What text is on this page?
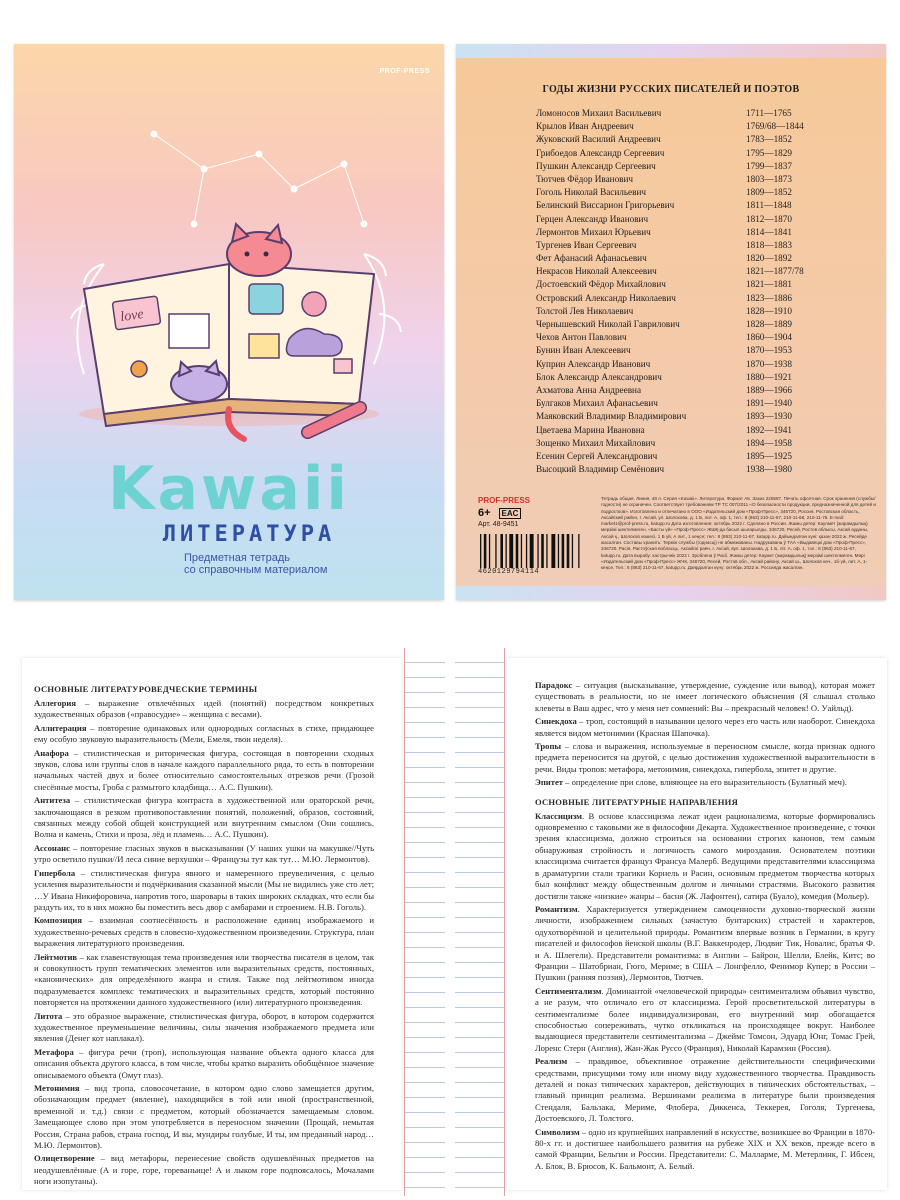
PROF-PRESS
love
Kawaii
ЛИТЕРАТУРА
Предметная тетрадь
со справочным материалом
ГОДЫ ЖИЗНИ РУССКИХ ПИСАТЕЛЕЙ И ПОЭТОВ
Ломоносов Михаил Васильевич	1711—1765
Крылов Иван Андреевич	1769/68—1844
Жуковский Василий Андреевич	1783—1852
Грибоедов Александр Сергеевич	1795—1829
Пушкин Александр Сергеевич	1799—1837
Тютчев Фёдор Иванович	1803—1873
Гоголь Николай Васильевич	1809—1852
Белинский Виссарион Григорьевич	1811—1848
Герцен Александр Иванович	1812—1870
Лермонтов Михаил Юрьевич	1814—1841
Тургенев Иван Сергеевич	1818—1883
Фет Афанасий Афанасьевич	1820—1892
Некрасов Николай Алексеевич	1821—1877/78
Достоевский Фёдор Михайлович	1821—1881
Островский Александр Николаевич	1823—1886
Толстой Лев Николаевич	1828—1910
Чернышевский Николай Гаврилович	1828—1889
Чехов Антон Павлович	1860—1904
Бунин Иван Алексеевич	1870—1953
Куприн Александр Иванович	1870—1938
Блок Александр Александрович	1880—1921
Ахматова Анна Андреевна	1889—1966
Булгаков Михаил Афанасьевич	1891—1940
Маяковский Владимир Владимирович	1893—1930
Цветаева Марина Ивановна	1892—1941
Зощенко Михаил Михайлович	1894—1958
Есенин Сергей Александрович	1895—1925
Высоцкий Владимир Семёнович	1938—1980
PROF-PRESS
6+	EAC
Арт. 48-9451
Тетрадь общая. Линия, 48 л. Серия «Kawaii». Литература. Формат А5. Заказ 225587. Печать офсетная. Срок хранения (службы/годности) не ограничен. Соответствует требованиям ТР ТС 007/2011 «О безопасности продукции, предназначенной для детей и подростков». Изготовлено и отпечатано в ООО «Издательский дом «Проф-Пресс», 346720, Россия, Ростовская область, Аксайский район, г. Аксай, ул. Шолохова, д. 1 Б, лит. А, оф. 1, тел.: 8 (863) 210-11-67, 210-11-68, 210-11-76. E-mail: market1@prof-press.ru, katupp.ru Дата изготовления: октябрь 2022 г. Сделано в России. Жамы детер: Каулмет (жарамдылық) мерзімі шектелмеген. «Басты үй» «Проф-Пресс» ЖШҚ-да басып шығарылды, 346720, Ресей, Ростов облысы, Аксай ауданы, Аксай қ., Шолохов көшесі, 1 Б үй, А лит., 1 кеңсе; тел.: 8 (863) 210-11-67, katupp.ru. Дайындалған күні: қазан 2022 ж. Ресейде жасалған. Составы хранить: Термін службы (годнасці) не абмежаваны. Надрукавана ў ТАА «Выдавецкі дом «Проф-Пресс», 346720, Расія, Растоўская вобласць, Аксайскі раён, г. Аксай, вул. Шолахава, д. 1 Б, літ. А, оф. 1, тэл.: 8 (863) 210-11-67, katupp.ru. Дата вырабу: кастрычнік 2022 г. Зроблена ў Расіі. Жамы детер: Каумет (жарамдылық) мерзімі шектелмеген. Мөрі «Издательский дом «Проф-Пресс» ЖЧК, 346720, Ресей, Ростов обл., Аксай району, Аксай ш., Шолохов көч., 1б-үй, лит. А, 1-кеңсе, Тел.: 8 (863) 210-11-67, katupp.ru. Даярдалган күнү: октябрь 2022 ж. Россияда жасалган.
4620129794114
ОСНОВНЫЕ ЛИТЕРАТУРОВЕДЧЕСКИЕ ТЕРМИНЫ

Аллегория – выражение отвлечённых идей (понятий) посредством конкретных художественных образов («правосудие» – женщина с весами).

Аллитерация – повторение одинаковых или однородных согласных в стихе, придающее ему особую звуковую выразительность (Мели, Емеля, твои неделя).

Анафора – стилистическая и риторическая фигура, состоящая в повторении сходных звуков, слова или группы слов в начале каждого параллельного ряда, то есть в повторении начальных частей двух и более относительно самостоятельных отрезков речи (Грозой снесённые мосты, Гроба с размытого кладбища… А.С. Пушкин).

Антитеза – стилистическая фигура контраста в художественной или ораторской речи, заключающаяся в резком противопоставлении понятий, положений, образов, состояний, связанных между собой общей конструкцией или внутренним смыслом (Они сошлись. Волна и камень, Стихи и проза, лёд и пламень… А.С. Пушкин).

Ассонанс – повторение гласных звуков в высказывании (У наших ушки на макушке//Чуть утро осветило пушки//И леса синие верхушки – Французы тут как тут… М.Ю. Лермонтов).

Гипербола – стилистическая фигура явного и намеренного преувеличения, с целью усиления выразительности и подчёркивания сказанной мысли (Мы не видились уже сто лет; …У Ивана Никифоровича, напротив того, шаровары в таких широких складках, что если бы раздуть их, то в них можно бы поместить весь двор с амбарами и строением. Н.В. Гоголь).

Композиция – взаимная соотнесённость и расположение единиц изображаемого и художественно-речевых средств в словесно-художественном произведении. Структура, план выражения литературного произведения.

Лейтмотив – как главенствующая тема произведения или творчества писателя в целом, так и совокупность групп тематических элементов или выразительных средств, постоянных, «канонических» для определённого жанра и стиля. Также под лейтмотивом иногда подразумевается комплекс тематических и выразительных средств, который постоянно повторяется на протяжении данного художественного (или) литературного произведения.

Литота – это образное выражение, стилистическая фигура, оборот, в котором содержится художественное преуменьшение величины, силы значения изображаемого предмета или явления (Денег кот наплакал).

Метафора – фигура речи (троп), использующая название объекта одного класса для описания объекта другого класса, в том числе, чтобы кратко выразить обобщённое значение описываемого объекта (Омут глаз).

Метонимия – вид тропа, словосочетание, в котором одно слово замещается другим, обозначающим предмет (явление), находящийся в той или иной (пространственной, временной и т.д.) связи с предметом, который обозначается замещаемым словом. Замещающее слово при этом употребляется в переносном значении (Прощай, немытая Россия, Страна рабов, страна господ, И вы, мундиры голубые, И ты, им преданный народ… М.Ю. Лермонтов).

Олицетворение – вид метафоры, перенесение свойств одушевлённых предметов на неодушевлённые (А и горе, горе, гореваньице! А и лыком горе подпоясалось, Мочалами ноги изопутаны).

Парадокс – ситуация (высказывание, утверждение, суждение или вывод), которая может существовать в реальности, но не имеет логического объяснения (Я слышал столько клеветы в Ваш адрес, что у меня нет сомнений: Вы – прекрасный человек! О. Уайльд).

Синекдоха – троп, состоящий в назывании целого через его часть или наоборот. Синекдоха является видом метонимии (Красная Шапочка).

Тропы – слова и выражения, используемые в переносном смысле, когда признак одного предмета переносится на другой, с целью достижения художественной выразительности в речи. Виды тропов: метафора, метонимия, синекдоха, гипербола, эпитет и другие.

Эпитет – определение при слове, влияющее на его выразительность (Булатный меч).

ОСНОВНЫЕ ЛИТЕРАТУРНЫЕ НАПРАВЛЕНИЯ

Классицизм. В основе классицизма лежат идеи рационализма, которые формировались одновременно с таковыми же в философии Декарта. Художественное произведение, с точки зрения классицизма, должно строиться на основании строгих канонов, тем самым обнаруживая стройность и логичность самого мироздания. Основателем поэтики классицизма считается француз Франсуа Малерб. Ведущими представителями классицизма в драматургии стали трагики Корнель и Расин, основным предметом творчества которых был конфликт между общественным долгом и личными страстями. Высокого развития достигли также «низкие» жанры – басня (Ж. Лафонтен), сатира (Буало), комедия (Мольер).

Романтизм. Характеризуется утверждением самоценности духовно-творческой жизни личности, изображением сильных (зачастую бунтарских) страстей и характеров, одухотворённой и целительной природы. Романтизм впервые возник в Германии, в кругу писателей и философов йенской школы (В.Г. Ваккенродер, Людвиг Тик, Новалис, братья Ф. и А. Шлегели). Представители романтизма: в Англии – Байрон, Шелли, Блейк, Китс; во Франции – Шатобриан, Гюго, Мериме; в США – Лонгфелло, Фенимор Купер; в России – Пушкин (ранняя поэзия), Лермонтов, Тютчев.

Сентиментализм. Доминантой «человеческой природы» сентиментализм объявил чувство, а не разум, что отличало его от классицизма. Герой просветительской литературы в сентиментализме более индивидуализирован, его внутренний мир обогащается способностью сопереживать, чутко откликаться на происходящее вокруг. Наиболее выдающиеся представители сентиментализма – Джеймс Томсон, Эдуард Юнг, Томас Грей, Лоренс Стерн (Англия), Жан-Жак Руссо (Франция), Николай Карамзин (Россия).

Реализм – правдивое, объективное отражение действительности специфическими средствами, присущими тому или иному виду художественного творчества. Правдивость деталей и показ типических характеров, действующих в типических обстоятельствах, – главный принцип реализма. Вершинами реализма в литературе были произведения Стендаля, Бальзака, Мериме, Флобера, Диккенса, Теккерея, Гоголя, Тургенева, Достоевского, Л. Толстого.

Символизм – одно из крупнейших направлений в искусстве, возникшее во Франции в 1870-80-х гг. и достигшее наибольшего развития на рубеже XIX и XX веков, прежде всего в самой Франции, Бельгии и России. Представители: С. Малларме, М. Метерлинк, Г. Ибсен, А. Блок, В. Брюсов, К. Бальмонт, А. Белый.
